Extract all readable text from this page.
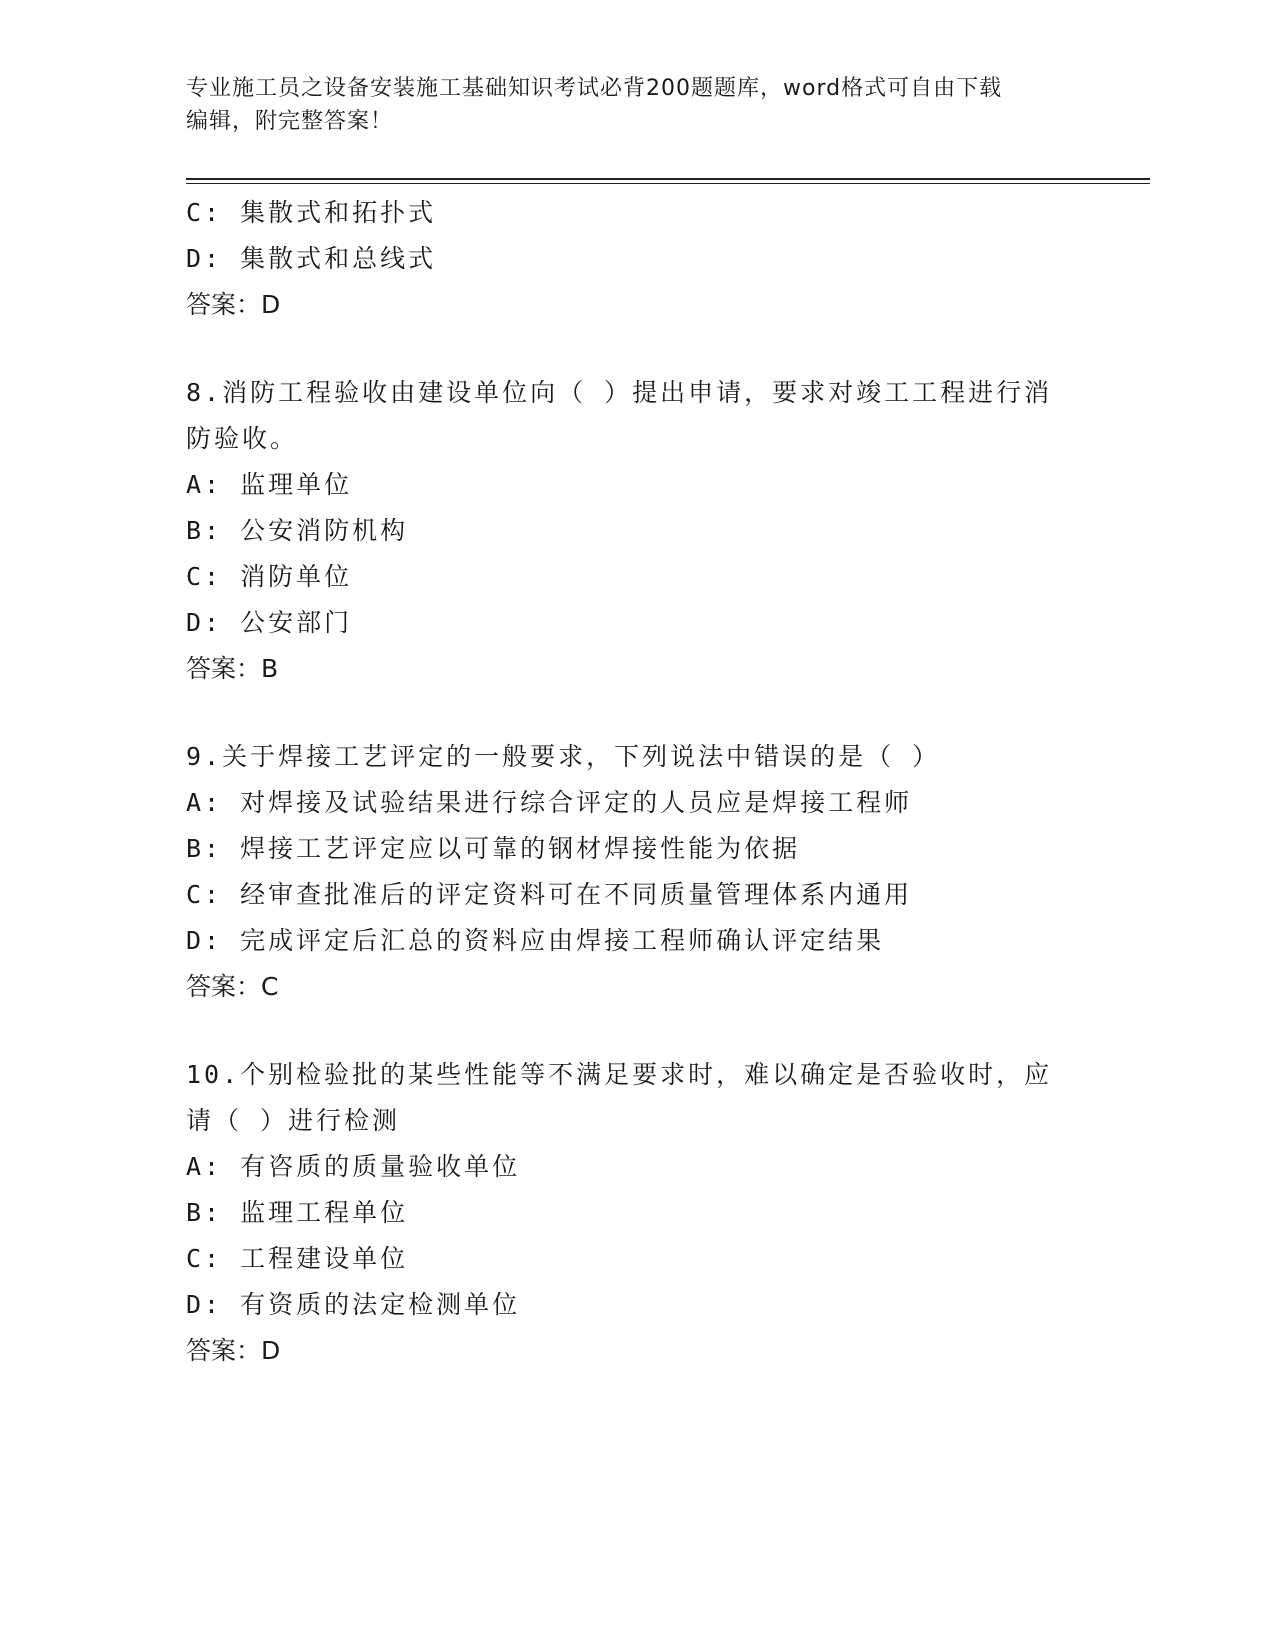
专业施工员之设备安装施工基础知识考试必背200题题库，word格式可自由下载
编辑，附完整答案！
C: 集散式和拓扑式
D: 集散式和总线式
答案：D
8.消防工程验收由建设单位向（ ）提出申请，要求对竣工工程进行消
防验收。
A: 监理单位
B: 公安消防机构
C: 消防单位
D: 公安部门
答案：B
9.关于焊接工艺评定的一般要求，下列说法中错误的是（ ）
A: 对焊接及试验结果进行综合评定的人员应是焊接工程师
B: 焊接工艺评定应以可靠的钢材焊接性能为依据
C: 经审查批准后的评定资料可在不同质量管理体系内通用
D: 完成评定后汇总的资料应由焊接工程师确认评定结果
答案：C
10.个别检验批的某些性能等不满足要求时，难以确定是否验收时，应
请（ ）进行检测
A: 有咨质的质量验收单位
B: 监理工程单位
C: 工程建设单位
D: 有资质的法定检测单位
答案：D
